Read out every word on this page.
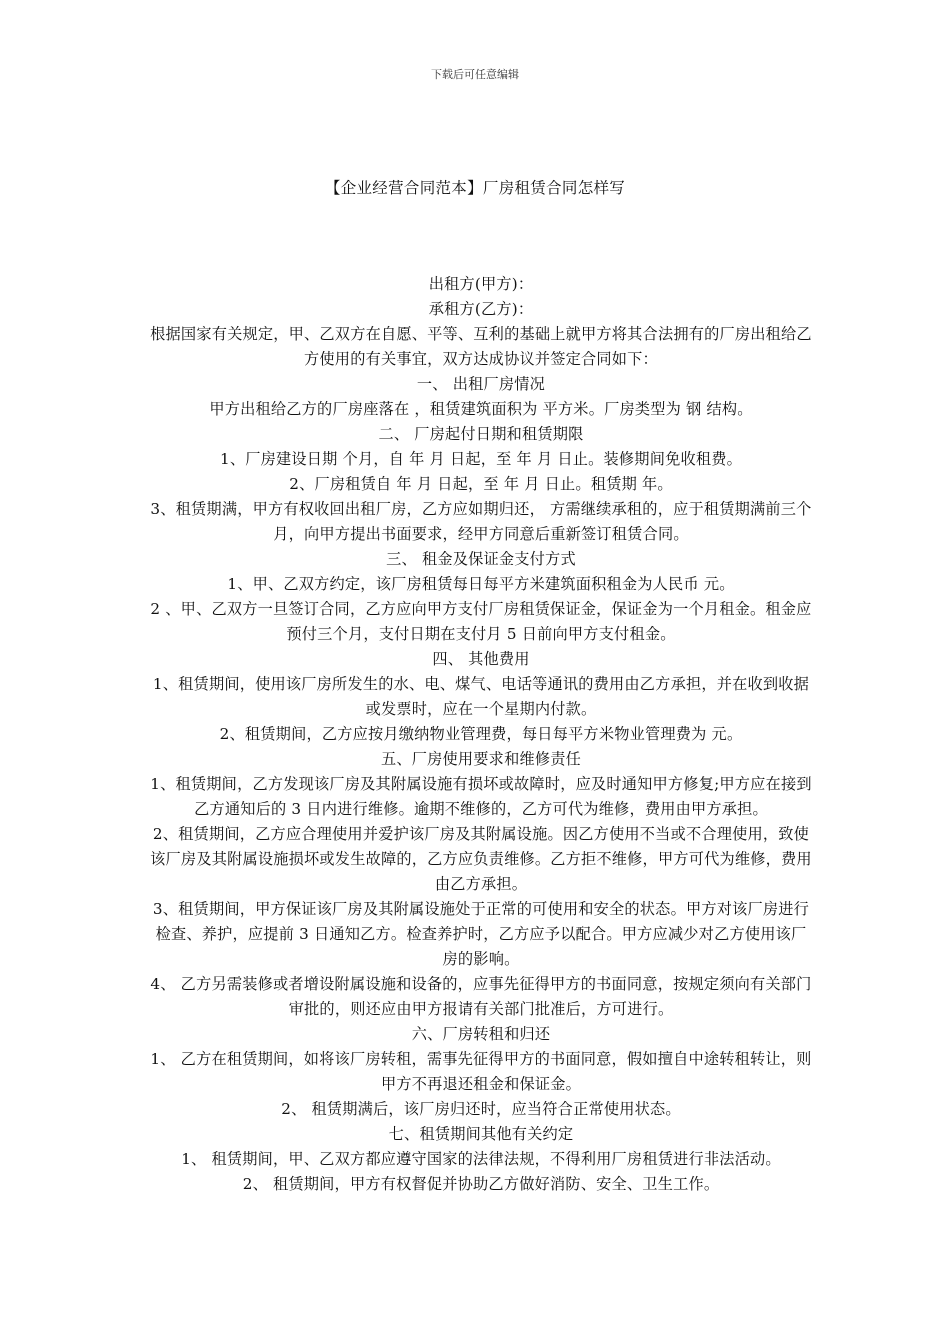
下载后可任意编辑
【企业经营合同范本】厂房租赁合同怎样写

出租方(甲方)：

承租方(乙方)：

根据国家有关规定，甲、乙双方在自愿、平等、互利的基础上就甲方将其合法拥有的厂房出租给乙方使用的有关事宜，双方达成协议并签定合同如下：

一、 出租厂房情况

甲方出租给乙方的厂房座落在 ，租赁建筑面积为 平方米。厂房类型为 钢 结构。

二、 厂房起付日期和租赁期限

1、厂房建设日期 个月，自 年 月 日起，至 年 月 日止。装修期间免收租费。

2、厂房租赁自 年 月 日起，至 年 月 日止。租赁期 年。

3、租赁期满，甲方有权收回出租厂房，乙方应如期归还， 方需继续承租的，应于租赁期满前三个月，向甲方提出书面要求，经甲方同意后重新签订租赁合同。

三、 租金及保证金支付方式

1、甲、乙双方约定，该厂房租赁每日每平方米建筑面积租金为人民币 元。

2 、甲、乙双方一旦签订合同，乙方应向甲方支付厂房租赁保证金，保证金为一个月租金。租金应预付三个月，支付日期在支付月 5 日前向甲方支付租金。

四、 其他费用

1、租赁期间，使用该厂房所发生的水、电、煤气、电话等通讯的费用由乙方承担，并在收到收据或发票时，应在一个星期内付款。

2、租赁期间，乙方应按月缴纳物业管理费，每日每平方米物业管理费为 元。

五、厂房使用要求和维修责任

1、租赁期间，乙方发现该厂房及其附属设施有损坏或故障时，应及时通知甲方修复;甲方应在接到乙方通知后的 3 日内进行维修。逾期不维修的，乙方可代为维修，费用由甲方承担。

2、租赁期间，乙方应合理使用并爱护该厂房及其附属设施。因乙方使用不当或不合理使用，致使该厂房及其附属设施损坏或发生故障的，乙方应负责维修。乙方拒不维修，甲方可代为维修，费用由乙方承担。

3、租赁期间，甲方保证该厂房及其附属设施处于正常的可使用和安全的状态。甲方对该厂房进行检查、养护，应提前 3 日通知乙方。检查养护时，乙方应予以配合。甲方应减少对乙方使用该厂房的影响。

4、 乙方另需装修或者增设附属设施和设备的，应事先征得甲方的书面同意，按规定须向有关部门审批的，则还应由甲方报请有关部门批准后，方可进行。

六、厂房转租和归还

1、 乙方在租赁期间，如将该厂房转租，需事先征得甲方的书面同意，假如擅自中途转租转让，则甲方不再退还租金和保证金。

2、 租赁期满后，该厂房归还时，应当符合正常使用状态。

七、租赁期间其他有关约定

1、 租赁期间，甲、乙双方都应遵守国家的法律法规，不得利用厂房租赁进行非法活动。

2、 租赁期间，甲方有权督促并协助乙方做好消防、安全、卫生工作。
